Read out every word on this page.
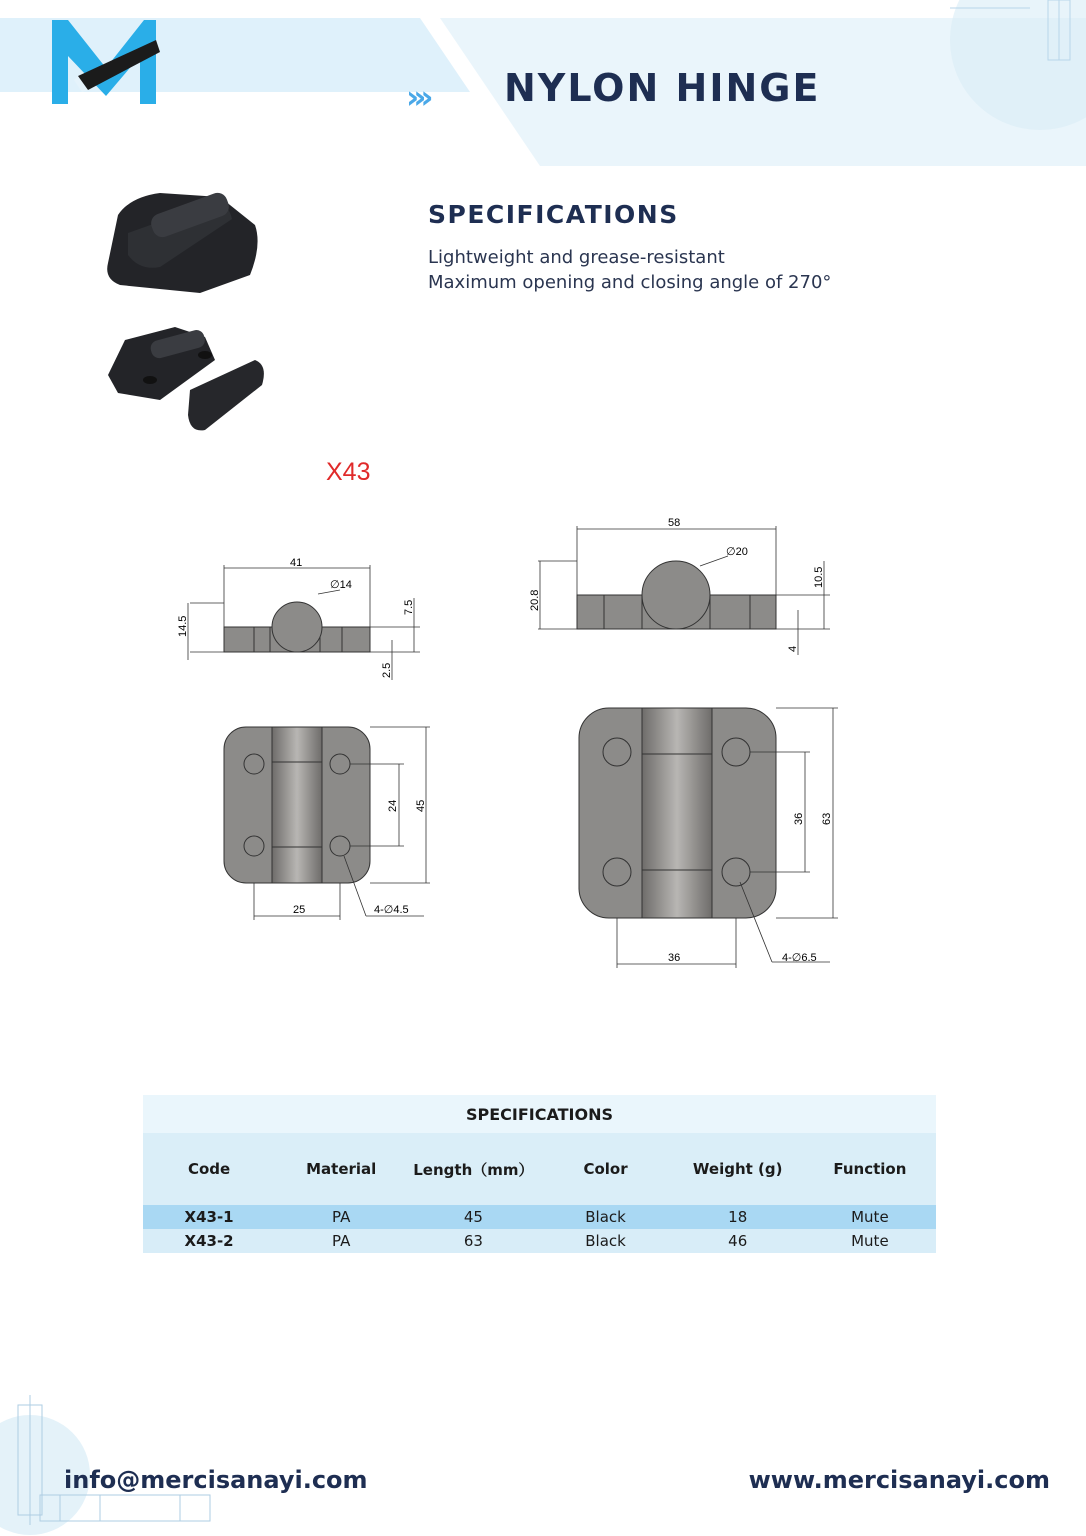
››› NYLON HINGE
SPECIFICATIONS
Lightweight and grease-resistant
Maximum opening and closing angle of 270°
X43
41
∅14
7.5
14.5
2.5
58
∅20
10.5
20.8
4
45
24
25	4-∅4.5
63
36
36	4-∅6.5
SPECIFICATIONS					
Code	Material	Length（mm）	Color	Weight (g)	Function
X43-1	PA	45	Black	18	Mute
X43-2	PA	63	Black	46	Mute
info@mercisanayi.com	www.mercisanayi.com
